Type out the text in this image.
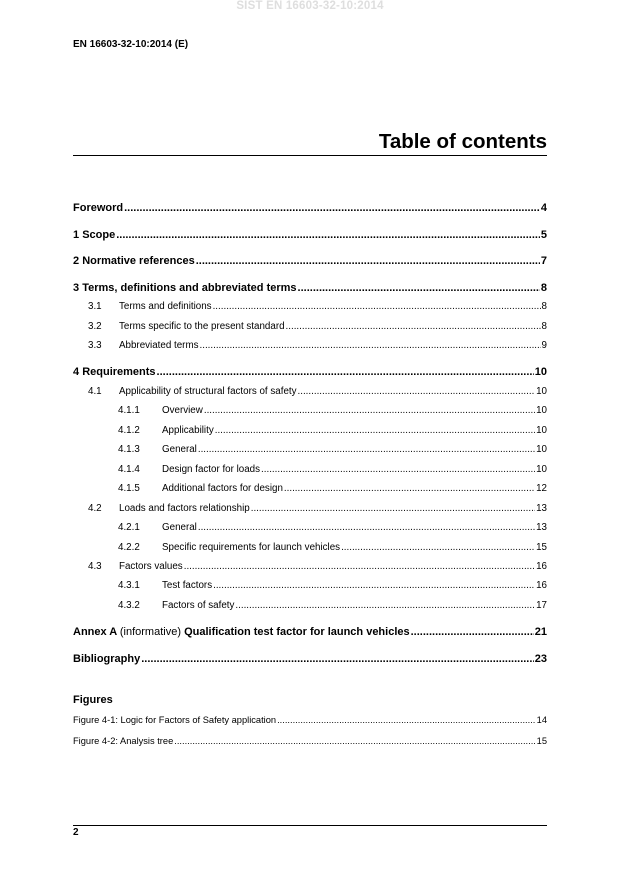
SIST EN 16603-32-10:2014
EN 16603-32-10:2014 (E)
Table of contents
Foreword .....	4
1 Scope .....	5
2 Normative references .....	7
3 Terms, definitions and abbreviated terms .....	8
3.1	Terms and definitions .....	8
3.2	Terms specific to the present standard .....	8
3.3	Abbreviated terms .....	9
4 Requirements .....	10
4.1	Applicability of structural factors of safety .....	10
4.1.1	Overview .....	10
4.1.2	Applicability .....	10
4.1.3	General .....	10
4.1.4	Design factor for loads .....	10
4.1.5	Additional factors for design .....	12
4.2	Loads and factors relationship .....	13
4.2.1	General .....	13
4.2.2	Specific requirements for launch vehicles .....	15
4.3	Factors values .....	16
4.3.1	Test factors .....	16
4.3.2	Factors of safety .....	17
Annex A (informative) Qualification test factor for launch vehicles .....	21
Bibliography .....	23
Figures
Figure 4-1: Logic for Factors of Safety application .....	14
Figure 4-2: Analysis tree .....	15
2
